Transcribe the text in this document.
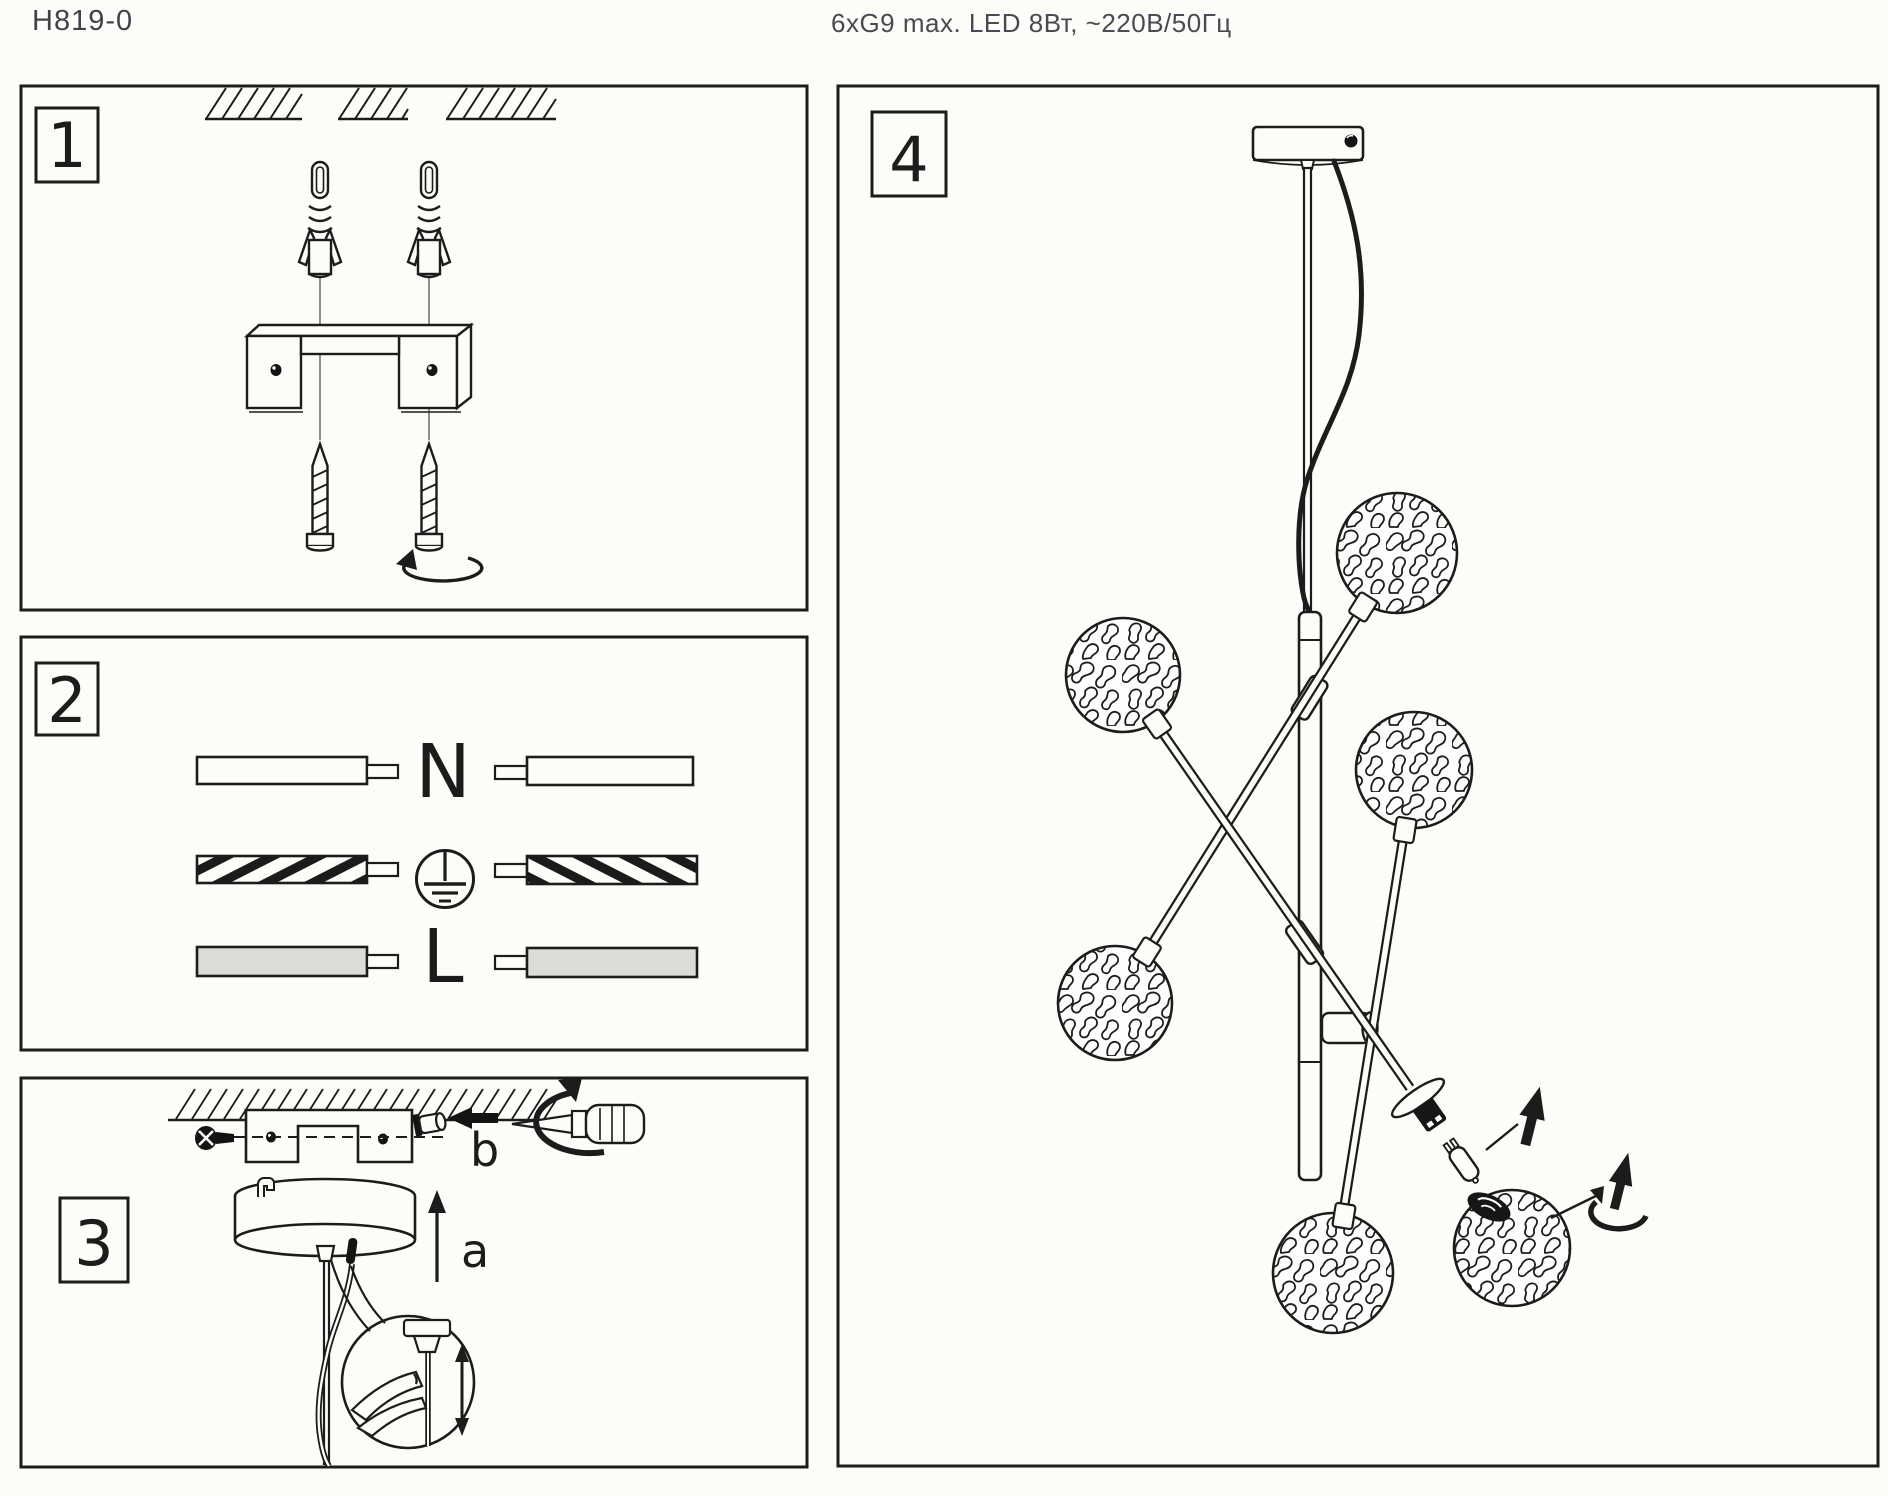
H819-0	6xG9 max. LED 8Вт, ~220В/50Гц
1
2
N
L
3	a
b
4
